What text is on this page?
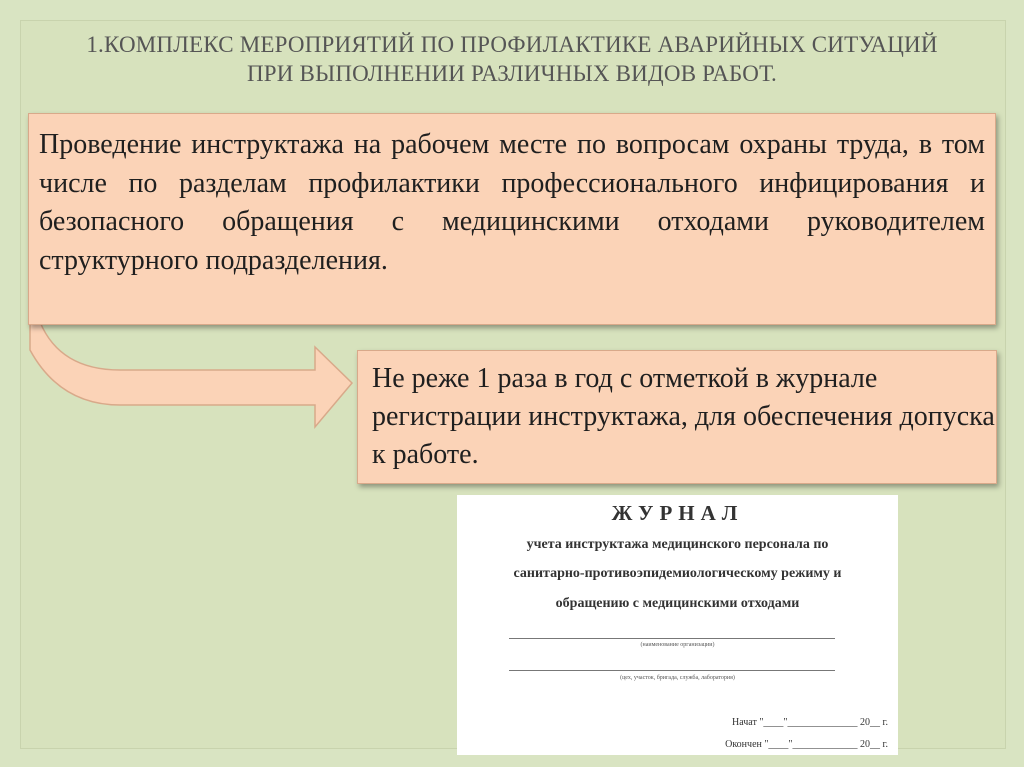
1.КОМПЛЕКС МЕРОПРИЯТИЙ ПО ПРОФИЛАКТИКЕ АВАРИЙНЫХ СИТУАЦИЙ
ПРИ ВЫПОЛНЕНИИ РАЗЛИЧНЫХ ВИДОВ РАБОТ.

Проведение инструктажа на рабочем месте по вопросам охраны труда, в том числе по разделам профилактики профессионального инфицирования и безопасного обращения с медицинскими отходами руководителем структурного подразделения.

Не реже 1 раза в год с отметкой в журнале регистрации инструктажа, для обеспечения допуска к работе.

ЖУРНАЛ
учета инструктажа медицинского персонала по
санитарно-противоэпидемиологическому режиму и
обращению с медицинскими отходами
(наименование организации)
(цех, участок, бригада, служба, лаборатория)
Начат "____"______________ 20__ г.
Окончен "____"_____________ 20__ г.
